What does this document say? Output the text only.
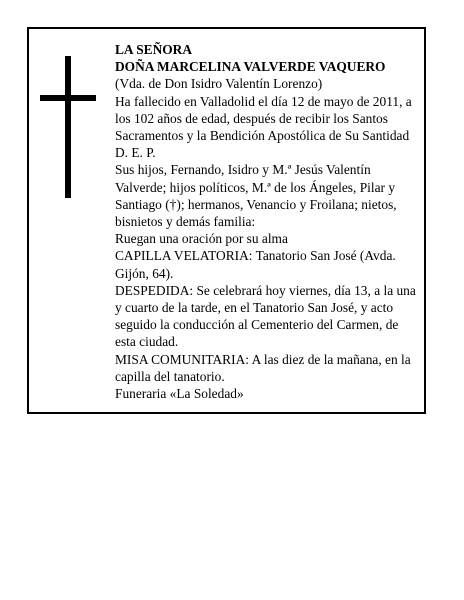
LA SEÑORA

DOÑA MARCELINA VALVERDE VAQUERO

(Vda. de Don Isidro Valentín Lorenzo)

Ha fallecido en Valladolid el día 12 de mayo de 2011, a los 102 años de edad, después de recibir los Santos Sacramentos y la Bendición Apostólica de Su Santidad

D. E. P.

Sus hijos, Fernando, Isidro y M.ª Jesús Valentín Valverde; hijos políticos, M.ª de los Ángeles, Pilar y Santiago (†); hermanos, Venancio y Froilana; nietos, bisnietos y demás familia:

Ruegan una oración por su alma

CAPILLA VELATORIA: Tanatorio San José (Avda. Gijón, 64).

DESPEDIDA: Se celebrará hoy viernes, día 13, a la una y cuarto de la tarde, en el Tanatorio San José, y acto seguido la conducción al Cementerio del Carmen, de esta ciudad.

MISA COMUNITARIA: A las diez de la mañana, en la capilla del tanatorio.

Funeraria «La Soledad»
